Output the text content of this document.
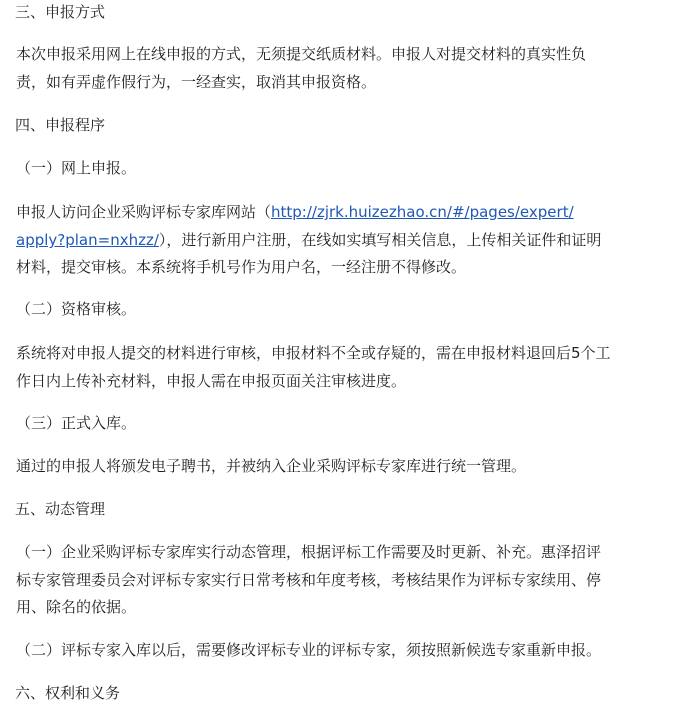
三、申报方式
本次申报采用网上在线申报的方式，无须提交纸质材料。申报人对提交材料的真实性负
责，如有弄虚作假行为，一经查实，取消其申报资格。
四、申报程序
（一）网上申报。
申报人访问企业采购评标专家库网站（http://zjrk.huizezhao.cn/#/pages/expert/
apply?plan=nxhzz/），进行新用户注册，在线如实填写相关信息，上传相关证件和证明
材料，提交审核。本系统将手机号作为用户名，一经注册不得修改。
（二）资格审核。
系统将对申报人提交的材料进行审核，申报材料不全或存疑的，需在申报材料退回后5个工
作日内上传补充材料，申报人需在申报页面关注审核进度。
（三）正式入库。
通过的申报人将颁发电子聘书，并被纳入企业采购评标专家库进行统一管理。
五、动态管理
（一）企业采购评标专家库实行动态管理，根据评标工作需要及时更新、补充。惠泽招评
标专家管理委员会对评标专家实行日常考核和年度考核，考核结果作为评标专家续用、停
用、除名的依据。
（二）评标专家入库以后，需要修改评标专业的评标专家，须按照新候选专家重新申报。
六、权利和义务
